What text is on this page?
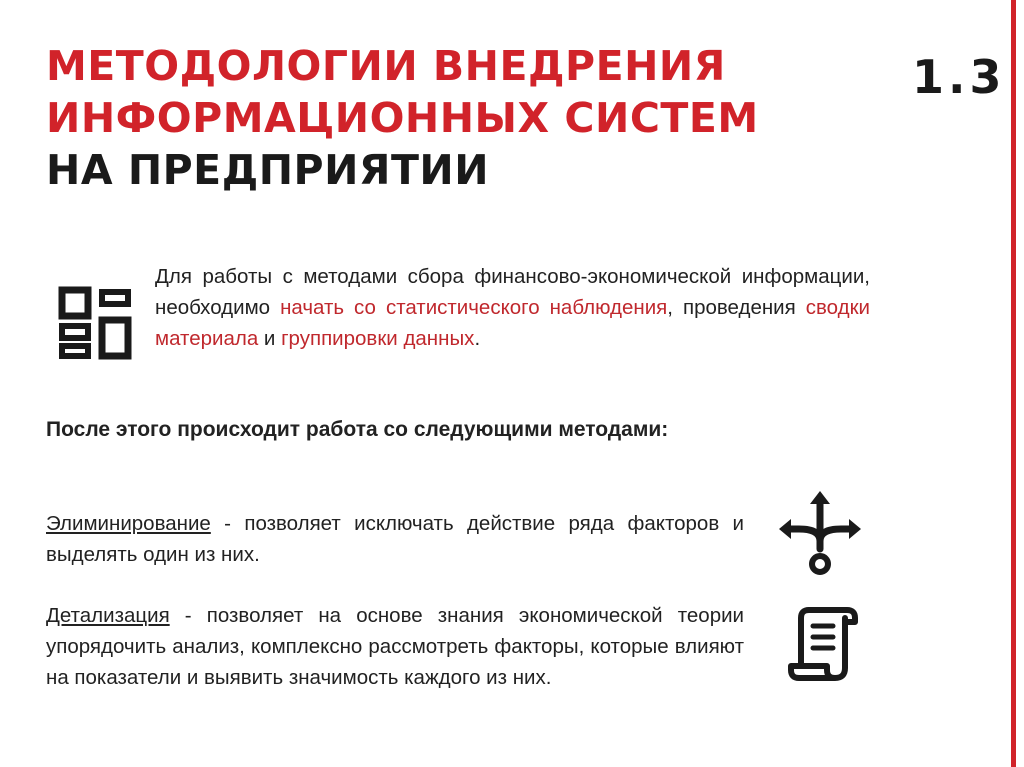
МЕТОДОЛОГИИ ВНЕДРЕНИЯ
ИНФОРМАЦИОННЫХ СИСТЕМ
НА ПРЕДПРИЯТИИ
1.3
Для работы с методами сбора финансово-экономической информации, необходимо начать со статистического наблюдения, проведения сводки материала и группировки данных.
После этого происходит работа со следующими методами:
Элиминирование - позволяет исключать действие ряда факторов и выделять один из них.
Детализация - позволяет на основе знания экономической теории упорядочить анализ, комплексно рассмотреть факторы, которые влияют на показатели и выявить значимость каждого из них.
